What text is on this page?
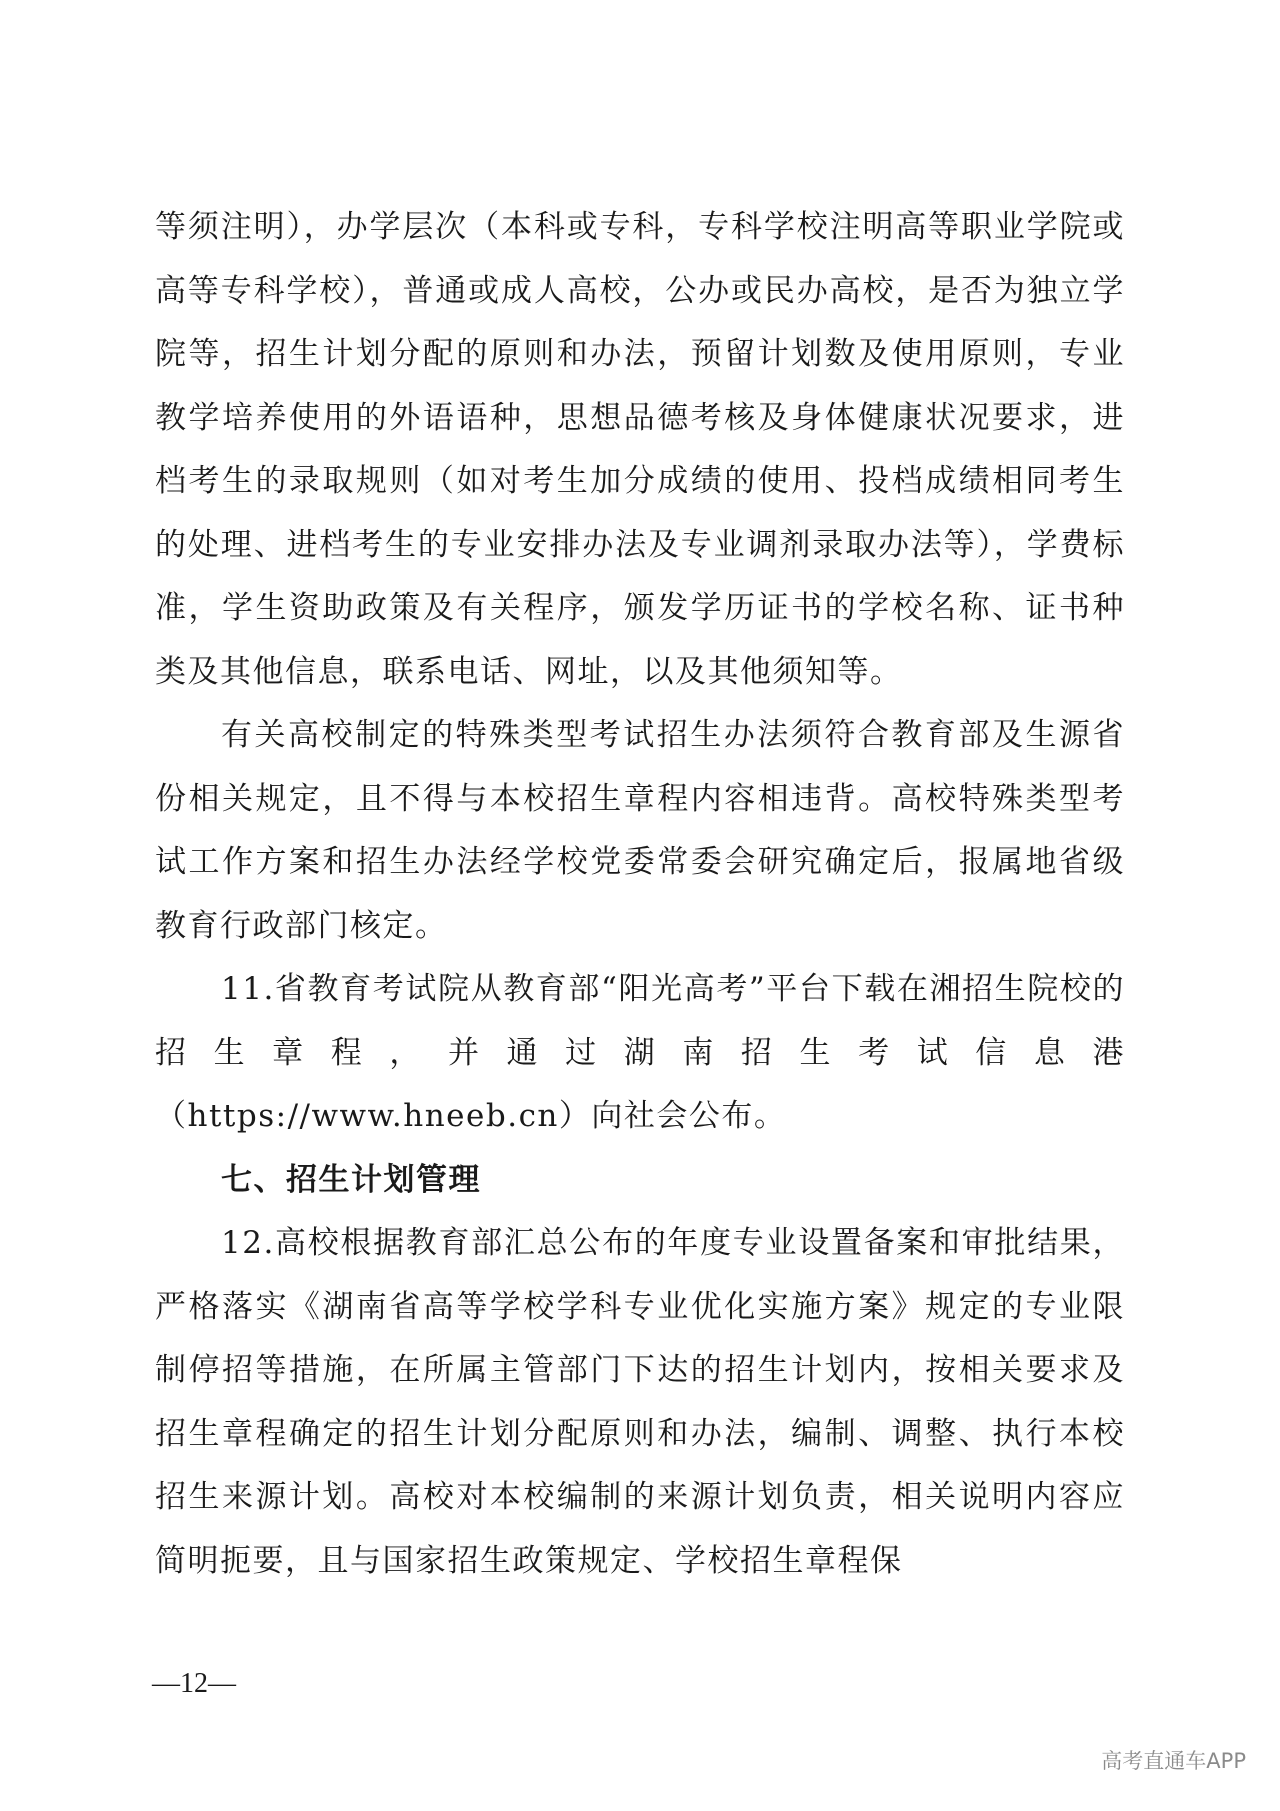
等须注明），办学层次（本科或专科，专科学校注明高等职业学院或高等专科学校），普通或成人高校，公办或民办高校，是否为独立学院等，招生计划分配的原则和办法，预留计划数及使用原则，专业教学培养使用的外语语种，思想品德考核及身体健康状况要求，进档考生的录取规则（如对考生加分成绩的使用、投档成绩相同考生的处理、进档考生的专业安排办法及专业调剂录取办法等），学费标准，学生资助政策及有关程序，颁发学历证书的学校名称、证书种类及其他信息，联系电话、网址，以及其他须知等。

有关高校制定的特殊类型考试招生办法须符合教育部及生源省份相关规定，且不得与本校招生章程内容相违背。高校特殊类型考试工作方案和招生办法经学校党委常委会研究确定后，报属地省级教育行政部门核定。

11.省教育考试院从教育部“阳光高考”平台下载在湘招生院校的招生章程，并通过湖南招生考试信息港（https://www.hneeb.cn）向社会公布。

七、招生计划管理

12.高校根据教育部汇总公布的年度专业设置备案和审批结果，严格落实《湖南省高等学校学科专业优化实施方案》规定的专业限制停招等措施，在所属主管部门下达的招生计划内，按相关要求及招生章程确定的招生计划分配原则和办法，编制、调整、执行本校招生来源计划。高校对本校编制的来源计划负责，相关说明内容应简明扼要，且与国家招生政策规定、学校招生章程保

—12—
高考直通车APP
